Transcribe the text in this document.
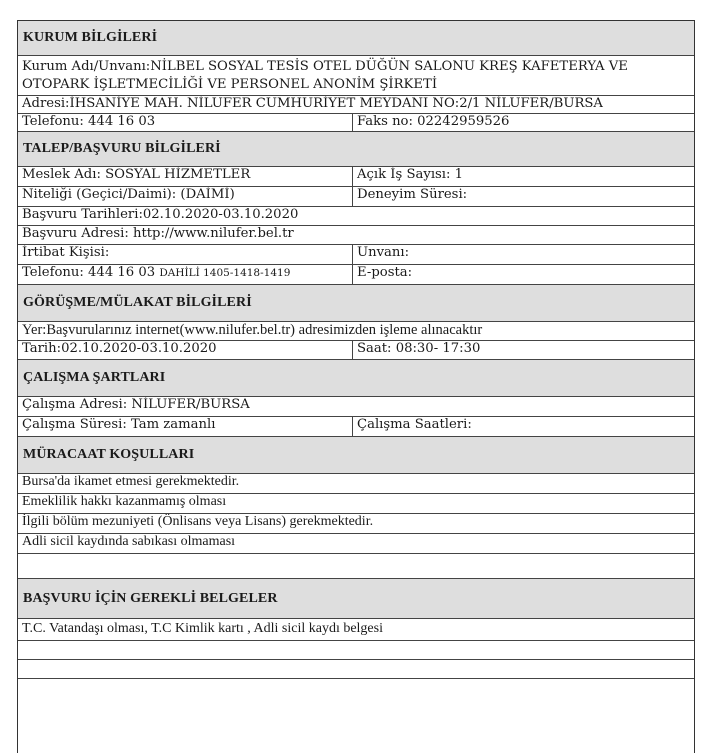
KURUM BİLGİLERİ
Kurum Adı/Unvanı:NİLBEL SOSYAL TESİS OTEL DÜĞÜN SALONU KREŞ KAFETERYA VE OTOPARK İŞLETMECİLİĞİ VE PERSONEL ANONİM ŞİRKETİ
Adresi:İHSANİYE MAH. NİLÜFER CUMHURİYET MEYDANI NO:2/1 NİLÜFER/BURSA
Telefonu: 444 16 03	Faks no: 02242959526
TALEP/BAŞVURU BİLGİLERİ
Meslek Adı: SOSYAL HİZMETLER	Açık İş Sayısı: 1
Niteliği (Geçici/Daimi): (DAİMİ)	Deneyim Süresi:
Başvuru Tarihleri:02.10.2020-03.10.2020
Başvuru Adresi: http://www.nilufer.bel.tr
İrtibat Kişisi:	Unvanı:
Telefonu: 444 16 03 DAHİLİ 1405-1418-1419	E-posta:
GÖRÜŞME/MÜLAKAT BİLGİLERİ
Yer:Başvurularınız internet(www.nilufer.bel.tr) adresimizden işleme alınacaktır
Tarih:02.10.2020-03.10.2020	Saat: 08:30- 17:30
ÇALIŞMA ŞARTLARI
Çalışma Adresi: NİLÜFER/BURSA
Çalışma Süresi: Tam zamanlı	Çalışma Saatleri:
MÜRACAAT KOŞULLARI
Bursa'da ikamet etmesi gerekmektedir.
Emeklilik hakkı kazanmamış olması
İlgili bölüm mezuniyeti (Önlisans veya Lisans) gerekmektedir.
Adli sicil kaydında sabıkası olmaması
BAŞVURU İÇİN GEREKLİ BELGELER
T.C. Vatandaşı olması, T.C Kimlik kartı , Adli sicil kaydı belgesi
